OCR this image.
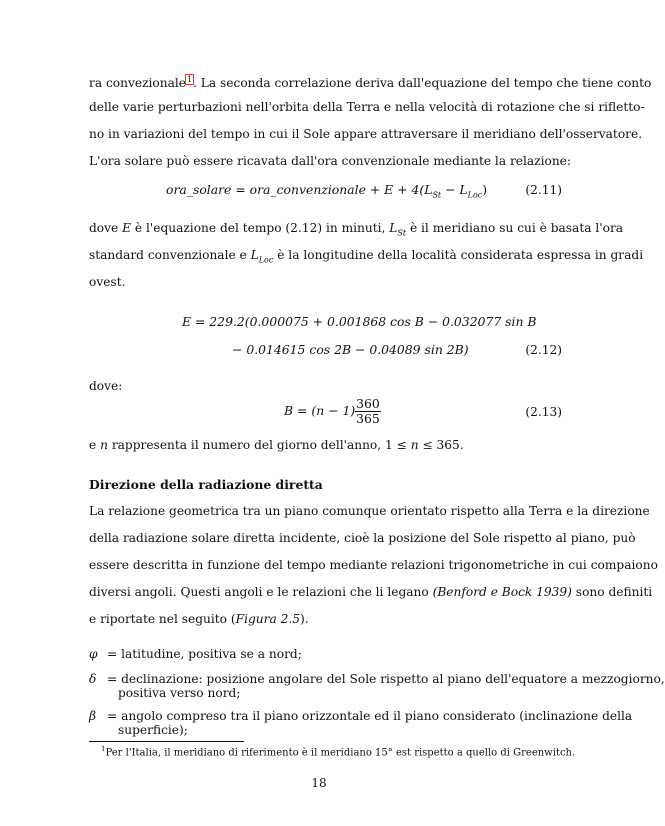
ra convezionale$^1$. La seconda correlazione deriva dall'equazione del tempo che tiene conto
delle varie perturbazioni nell'orbita della Terra e nella velocità di rotazione che si rifletto-
no in variazioni del tempo in cui il Sole appare attraversare il meridiano dell'osservatore.
L'ora solare può essere ricavata dall'ora convenzionale mediante la relazione:
ora_solare = ora_convenzionale + $E + 4(L_{St} - L_{Loc})$	(2.11)
dove E è l'equazione del tempo (2.12) in minuti, $L_{St}$ è il meridiano su cui è basata l'ora
standard convenzionale e $L_{Loc}$ è la longitudine della località considerata espressa in gradi
ovest.
E = 229.2(0.000075 + 0.001868 cos B − 0.032077 sin B
− 0.014615 cos 2B − 0.04089 sin 2B)	(2.12)
dove:
$B = (n - 1) \frac{360}{365}$	(2.13)
e n rappresenta il numero del giorno dell'anno, 1 ≤ n ≤ 365.
Direzione della radiazione diretta
La relazione geometrica tra un piano comunque orientato rispetto alla Terra e la direzione
della radiazione solare diretta incidente, cioè la posizione del Sole rispetto al piano, può
essere descritta in funzione del tempo mediante relazioni trigonometriche in cui compaiono
diversi angoli. Questi angoli e le relazioni che li legano (Benford e Bock 1939) sono definiti
e riportate nel seguito (Figura 2.5).
φ = latitudine, positiva se a nord;
δ = declinazione: posizione angolare del Sole rispetto al piano dell'equatore a mezzogiorno,
positiva verso nord;
β = angolo compreso tra il piano orizzontale ed il piano considerato (inclinazione della
superficie);
$^1$Per l'Italia, il meridiano di riferimento è il meridiano 15° est rispetto a quello di Greenwitch.
18
